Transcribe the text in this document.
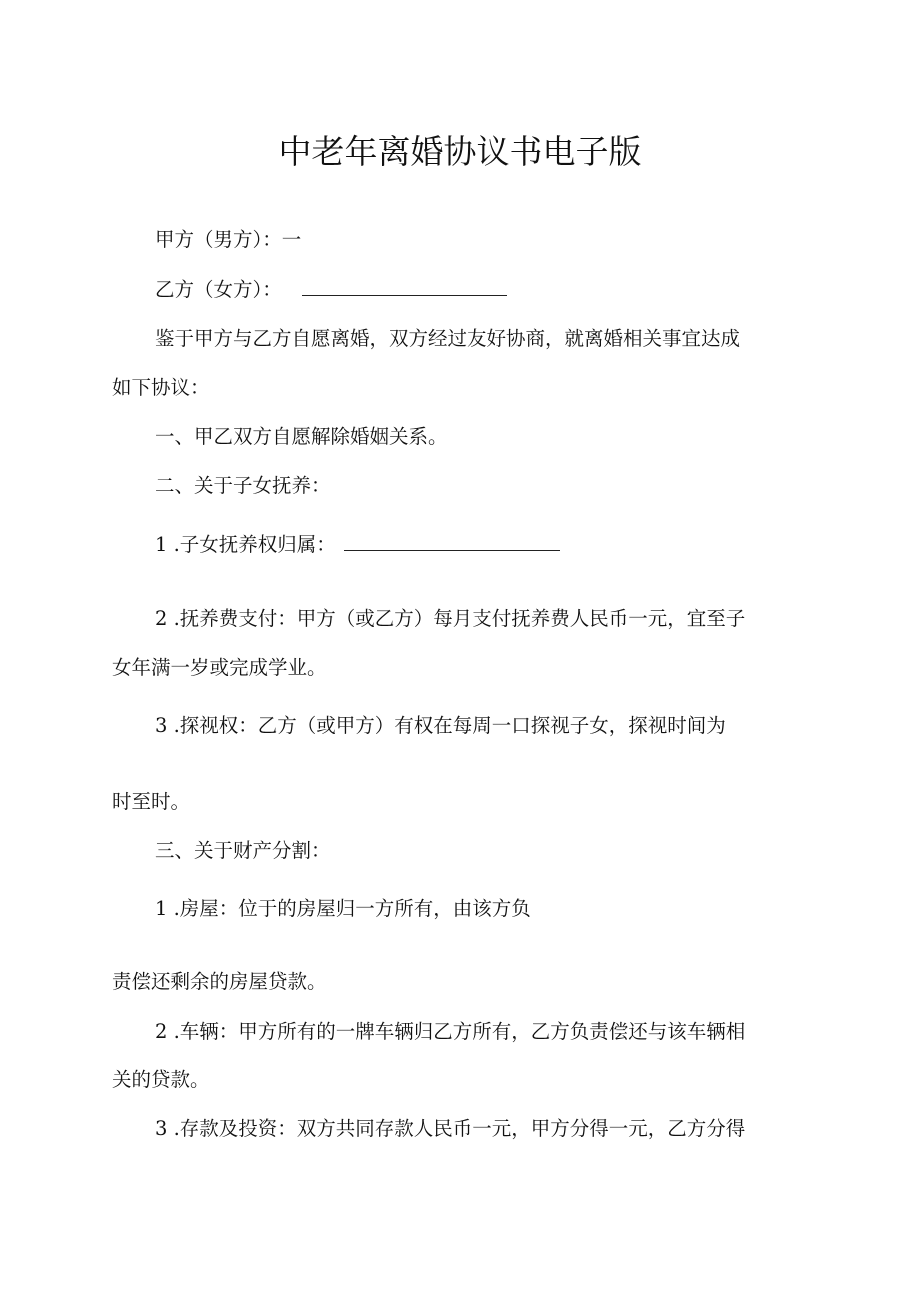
中老年离婚协议书电子版
甲方（男方）：一
乙方（女方）：
鉴于甲方与乙方自愿离婚，双方经过友好协商，就离婚相关事宜达成
如下协议：
一、甲乙双方自愿解除婚姻关系。
二、关于子女抚养：
1 .子女抚养权归属：
2 .抚养费支付：甲方（或乙方）每月支付抚养费人民币一元，宜至子
女年满一岁或完成学业。
3 .探视权：乙方（或甲方）有权在每周一口探视子女，探视时间为
时至时。
三、关于财产分割：
1 .房屋：位于的房屋归一方所有，由该方负
责偿还剩余的房屋贷款。
2 .车辆：甲方所有的一牌车辆归乙方所有，乙方负责偿还与该车辆相
关的贷款。
3 .存款及投资：双方共同存款人民币一元，甲方分得一元，乙方分得
